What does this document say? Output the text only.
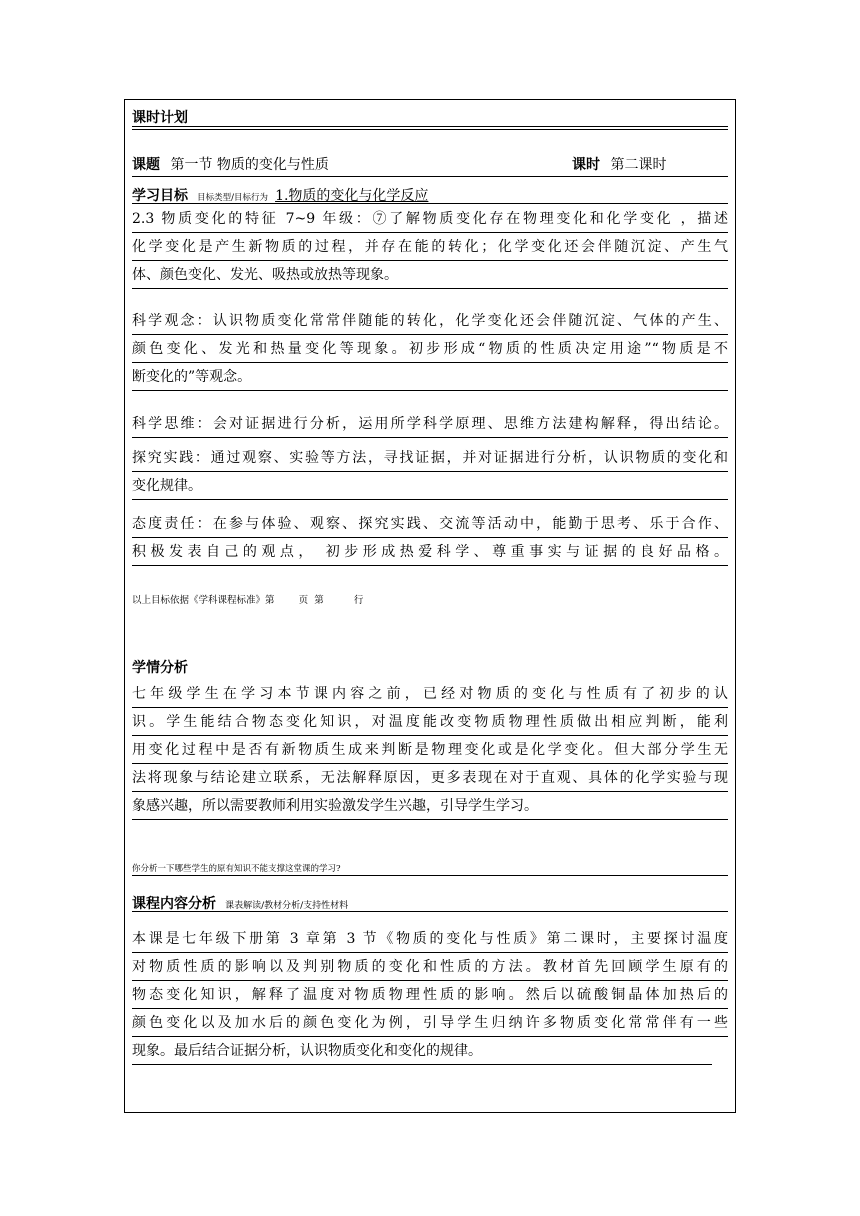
课时计划
课题 第一节 物质的变化与性质	课时 第二课时
学习目标 目标类型/目标行为 1.物质的变化与化学反应
2.3 物质变化的特征 7~9 年级：⑦了解物质变化存在物理变化和化学变化 ，描述
化学变化是产生新物质的过程，并存在能的转化；化学变化还会伴随沉淀、产生气
体、颜色变化、发光、吸热或放热等现象。
科学观念：认识物质变化常常伴随能的转化，化学变化还会伴随沉淀、气体的产生、
颜色变化、发光和热量变化等现象。初步形成“物质的性质决定用途”“物质是不
断变化的”等观念。
科学思维：会对证据进行分析，运用所学科学原理、思维方法建构解释，得出结论。
探究实践：通过观察、实验等方法，寻找证据，并对证据进行分析，认识物质的变化和
变化规律。
态度责任：在参与体验、观察、探究实践、交流等活动中，能勤于思考、乐于合作、
积极发表自己的观点， 初步形成热爱科学、尊重事实与证据的良好品格。
以上目标依据《学科课程标准》第        页  第          行
学情分析
七年级学生在学习本节课内容之前，已经对物质的变化与性质有了初步的认
识。学生能结合物态变化知识，对温度能改变物质物理性质做出相应判断，能利
用变化过程中是否有新物质生成来判断是物理变化或是化学变化。但大部分学生无
法将现象与结论建立联系，无法解释原因，更多表现在对于直观、具体的化学实验与现
象感兴趣，所以需要教师利用实验激发学生兴趣，引导学生学习。
你分析一下哪些学生的原有知识不能支撑这堂课的学习?
课程内容分析 课表解读/教材分析/支持性材料
本课是七年级下册第 3 章第 3 节《物质的变化与性质》第二课时，主要探讨温度
对物质性质的影响以及判别物质的变化和性质的方法。教材首先回顾学生原有的
物态变化知识，解释了温度对物质物理性质的影响。然后以硫酸铜晶体加热后的
颜色变化以及加水后的颜色变化为例，引导学生归纳许多物质变化常常伴有一些
现象。最后结合证据分析，认识物质变化和变化的规律。
